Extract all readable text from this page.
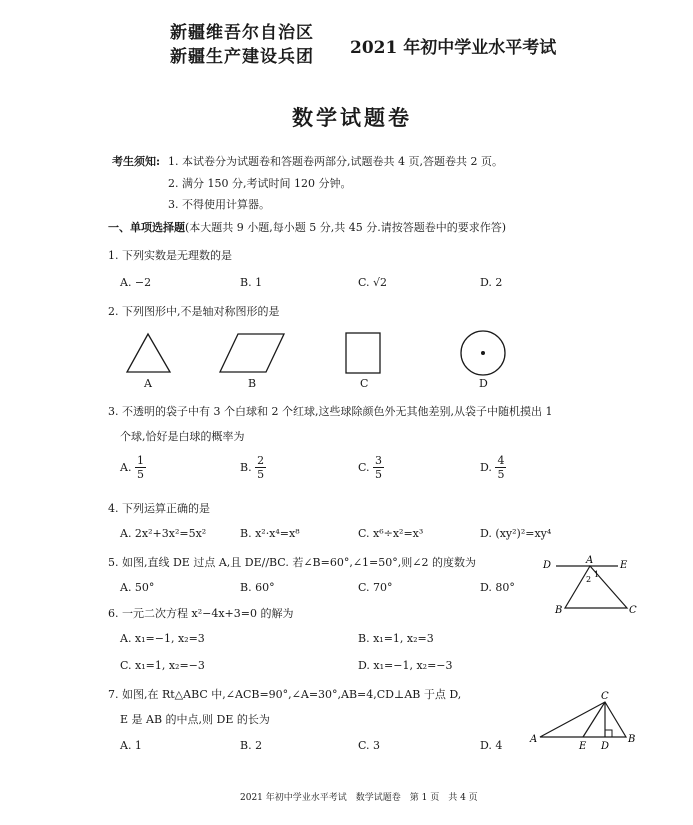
新疆维吾尔自治区
新疆生产建设兵团 2021 年初中学业水平考试
数学试题卷
考生须知: 1. 本试卷分为试题卷和答题卷两部分,试题卷共 4 页,答题卷共 2 页。
2. 满分 150 分,考试时间 120 分钟。
3. 不得使用计算器。
一、单项选择题(本大题共 9 小题,每小题 5 分,共 45 分.请按答题卷中的要求作答)
1. 下列实数是无理数的是
A. −2	B. 1	C. √2	D. 2
2. 下列图形中,不是轴对称图形的是
A	B	C	D
3. 不透明的袋子中有 3 个白球和 2 个红球,这些球除颜色外无其他差别,从袋子中随机摸出 1
个球,恰好是白球的概率为
A. $\frac{1}{5}$	B. $\frac{2}{5}$	C. $\frac{3}{5}$	D. $\frac{4}{5}$
4. 下列运算正确的是
A. 2x²+3x²=5x²	B. x²·x⁴=x⁸	C. x⁶÷x²=x³	D. (xy²)²=xy⁴
5. 如图,直线 DE 过点 A,且 DE//BC. 若∠B=60°,∠1=50°,则∠2 的度数为
A. 50°	B. 60°	C. 70°	D. 80°
D	A	E
1
2
B	C
6. 一元二次方程 x²−4x+3=0 的解为
A. x₁=−1, x₂=3	B. x₁=1, x₂=3
C. x₁=1, x₂=−3	D. x₁=−1, x₂=−3
7. 如图,在 Rt△ABC 中,∠ACB=90°,∠A=30°,AB=4,CD⊥AB 于点 D,
E 是 AB 的中点,则 DE 的长为
A. 1	B. 2	C. 3	D. 4
C
A
E D
B
2021 年初中学业水平考试　数学试题卷　第 1 页　共 4 页
